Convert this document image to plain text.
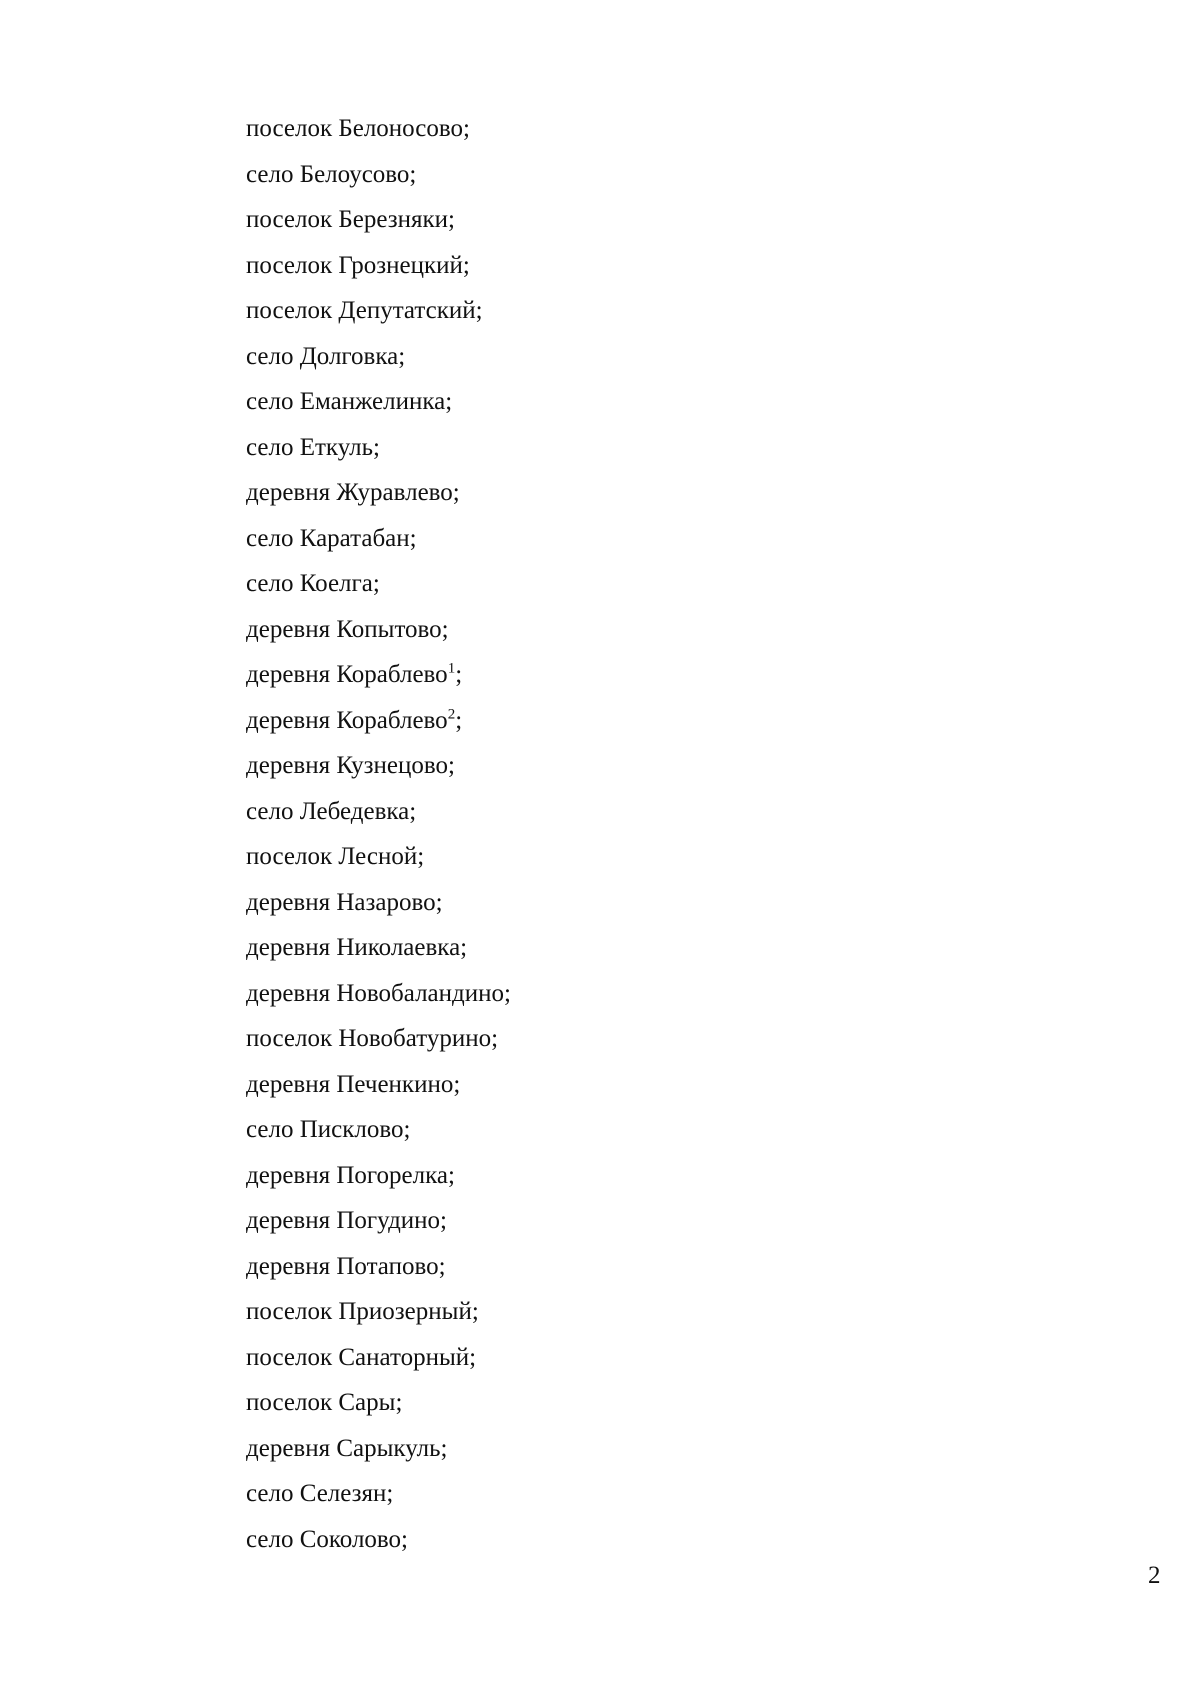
поселок Белоносово;
село Белоусово;
поселок Березняки;
поселок Грознецкий;
поселок Депутатский;
село Долговка;
село Еманжелинка;
село Еткуль;
деревня Журавлево;
село Каратабан;
село Коелга;
деревня Копытово;
деревня Кораблево$^1$;
деревня Кораблево$^2$;
деревня Кузнецово;
село Лебедевка;
поселок Лесной;
деревня Назарово;
деревня Николаевка;
деревня Новобаландино;
поселок Новобатурино;
деревня Печенкино;
село Писклово;
деревня Погорелка;
деревня Погудино;
деревня Потапово;
поселок Приозерный;
поселок Санаторный;
поселок Сары;
деревня Сарыкуль;
село Селезян;
село Соколово;
2
